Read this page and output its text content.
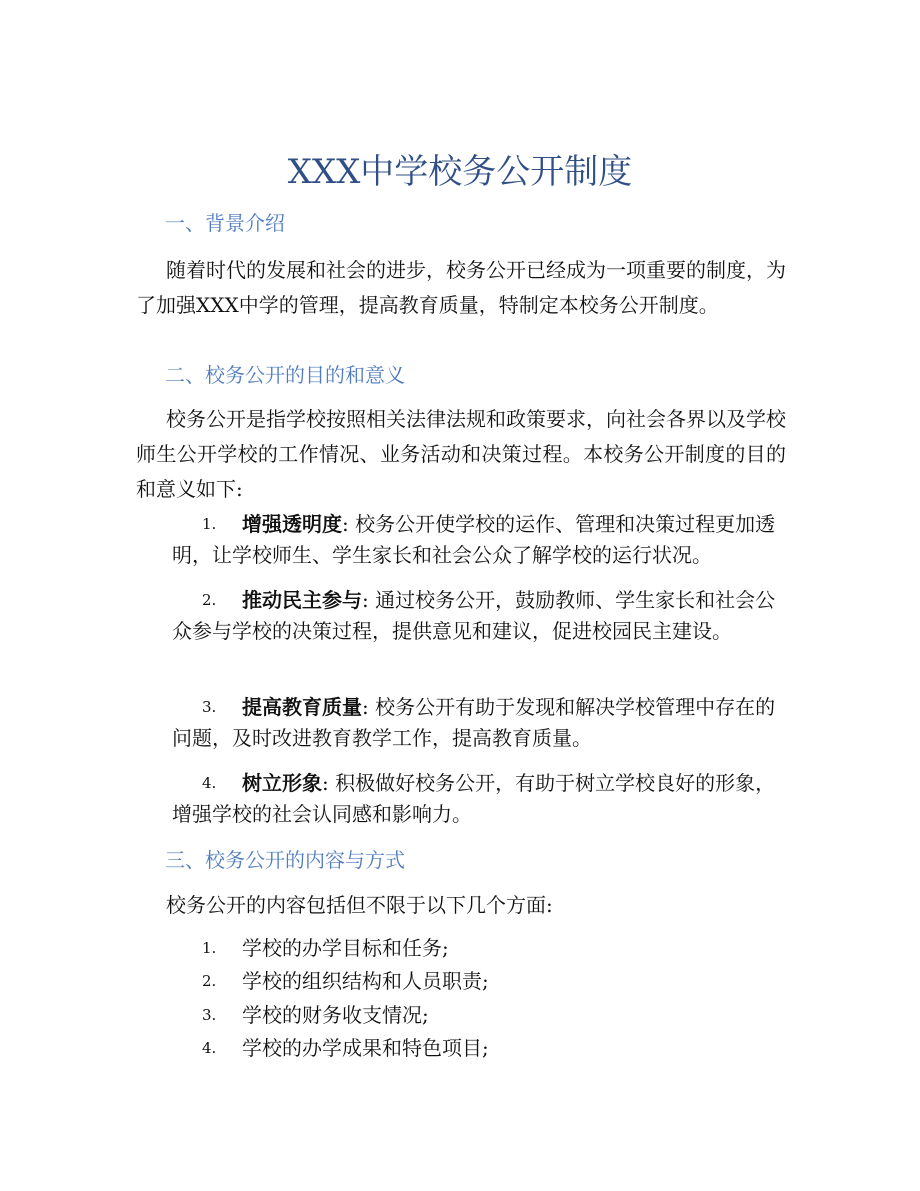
XXX中学校务公开制度
一、背景介绍
随着时代的发展和社会的进步，校务公开已经成为一项重要的制度，为了加强XXX中学的管理，提高教育质量，特制定本校务公开制度。
二、校务公开的目的和意义
校务公开是指学校按照相关法律法规和政策要求，向社会各界以及学校师生公开学校的工作情况、业务活动和决策过程。本校务公开制度的目的和意义如下:
1. 增强透明度: 校务公开使学校的运作、管理和决策过程更加透明，让学校师生、学生家长和社会公众了解学校的运行状况。
2. 推动民主参与: 通过校务公开，鼓励教师、学生家长和社会公众参与学校的决策过程，提供意见和建议，促进校园民主建设。
3. 提高教育质量: 校务公开有助于发现和解决学校管理中存在的问题，及时改进教育教学工作，提高教育质量。
4. 树立形象: 积极做好校务公开，有助于树立学校良好的形象，增强学校的社会认同感和影响力。
三、校务公开的内容与方式
校务公开的内容包括但不限于以下几个方面:
1. 学校的办学目标和任务;
2. 学校的组织结构和人员职责;
3. 学校的财务收支情况;
4. 学校的办学成果和特色项目;
